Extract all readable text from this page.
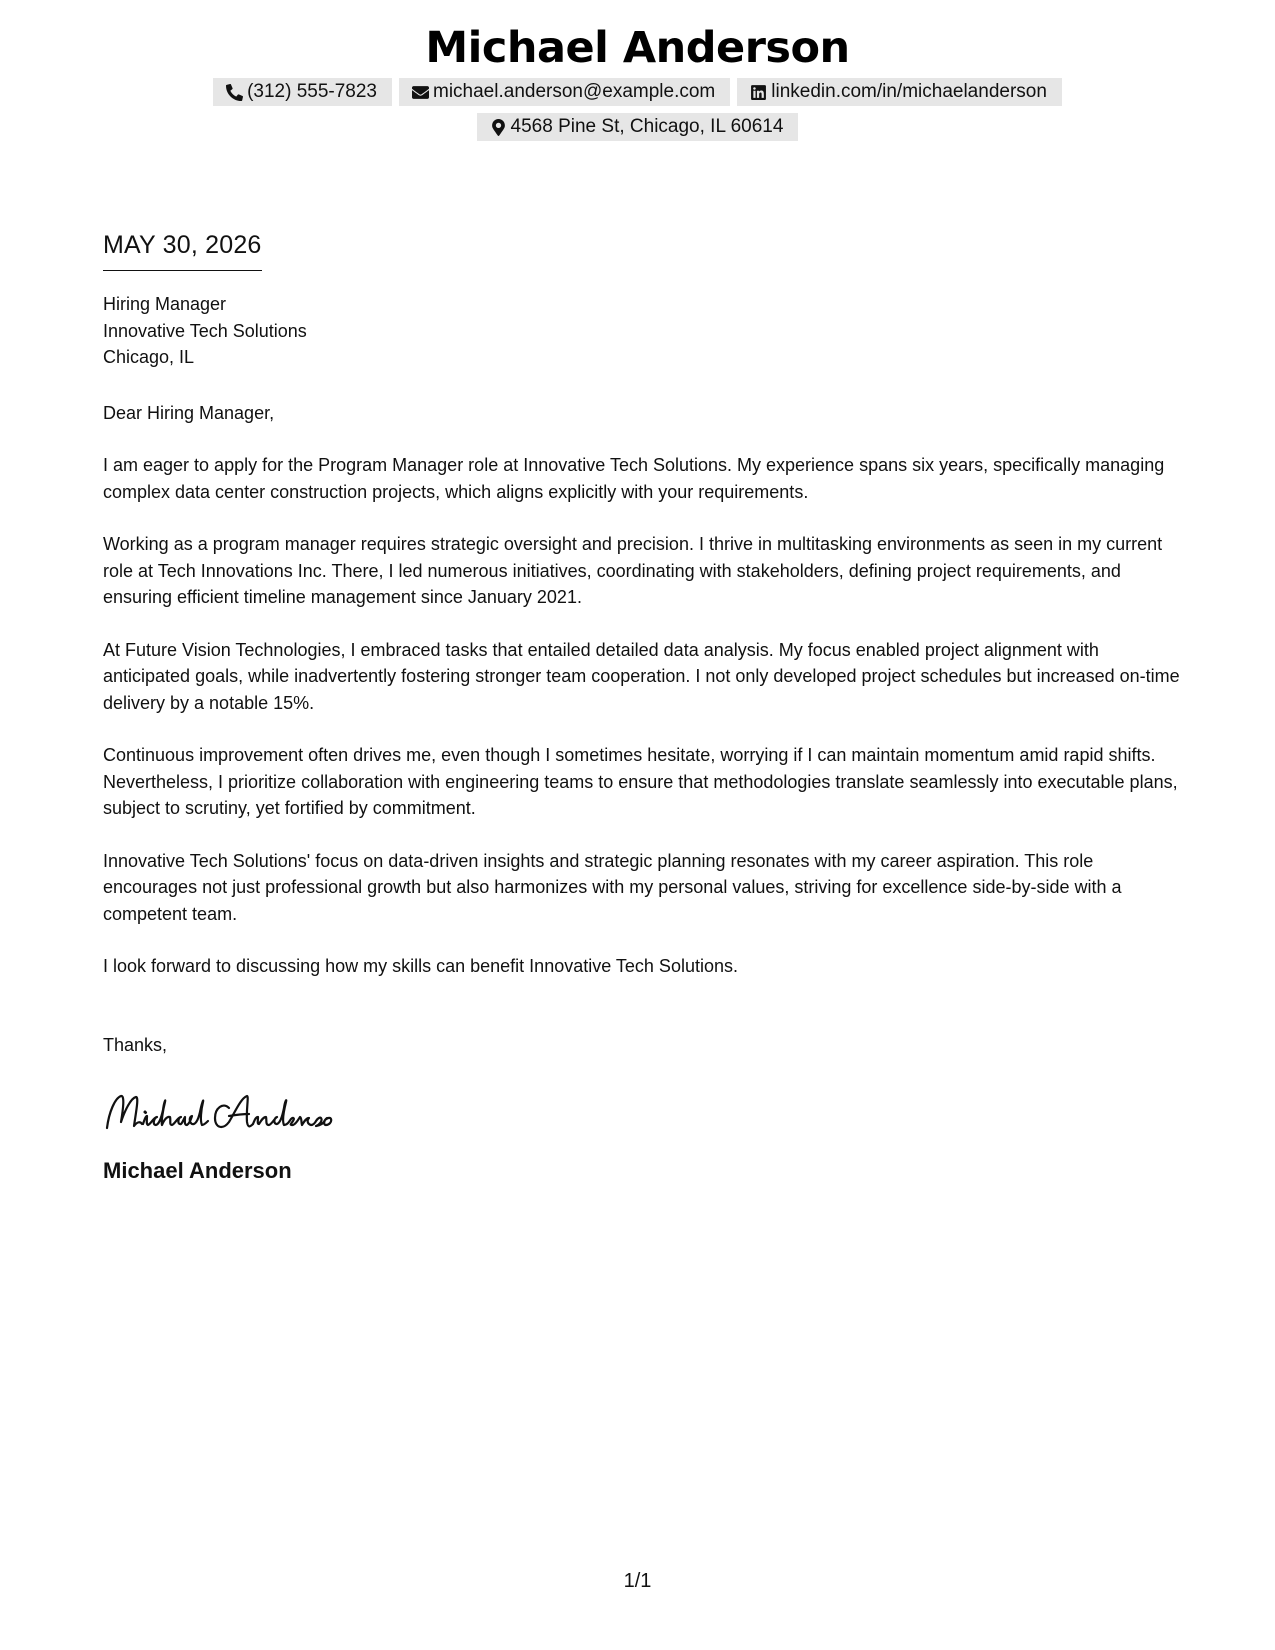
Michael Anderson
(312) 555-7823	michael.anderson@example.com	linkedin.com/in/michaelanderson
4568 Pine St, Chicago, IL 60614
MAY 30, 2026
Hiring Manager
Innovative Tech Solutions
Chicago, IL
Dear Hiring Manager,
I am eager to apply for the Program Manager role at Innovative Tech Solutions. My experience spans six years, specifically managing complex data center construction projects, which aligns explicitly with your requirements.
Working as a program manager requires strategic oversight and precision. I thrive in multitasking environments as seen in my current role at Tech Innovations Inc. There, I led numerous initiatives, coordinating with stakeholders, defining project requirements, and ensuring efficient timeline management since January 2021.
At Future Vision Technologies, I embraced tasks that entailed detailed data analysis. My focus enabled project alignment with anticipated goals, while inadvertently fostering stronger team cooperation. I not only developed project schedules but increased on-time delivery by a notable 15%.
Continuous improvement often drives me, even though I sometimes hesitate, worrying if I can maintain momentum amid rapid shifts. Nevertheless, I prioritize collaboration with engineering teams to ensure that methodologies translate seamlessly into executable plans, subject to scrutiny, yet fortified by commitment.
Innovative Tech Solutions' focus on data-driven insights and strategic planning resonates with my career aspiration. This role encourages not just professional growth but also harmonizes with my personal values, striving for excellence side-by-side with a competent team.
I look forward to discussing how my skills can benefit Innovative Tech Solutions.
Thanks,
Michael Anderson
1/1
